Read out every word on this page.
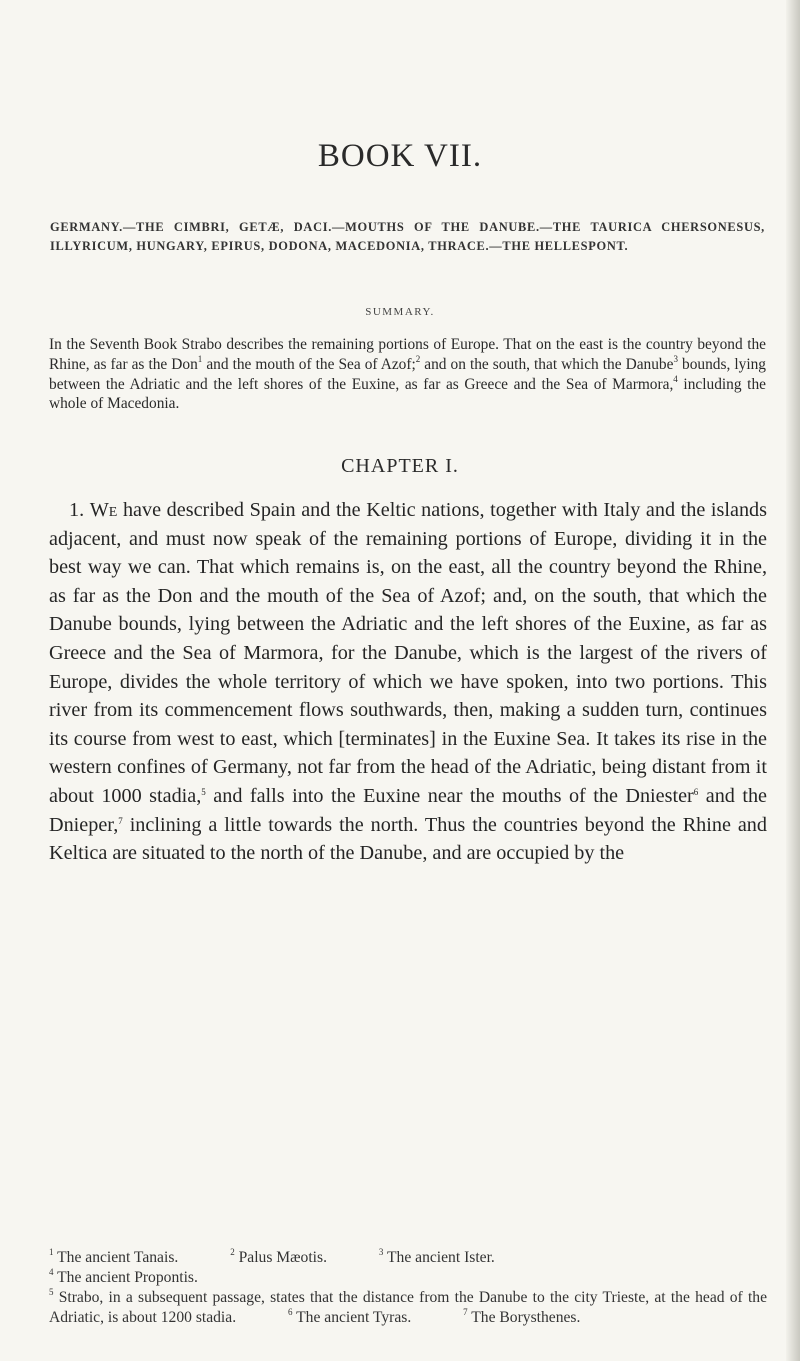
BOOK VII.

GERMANY.—THE CIMBRI, GETÆ, DACI.—MOUTHS OF THE DANUBE.—THE TAURICA CHERSONESUS, ILLYRICUM, HUNGARY, EPIRUS, DODONA, MACEDONIA, THRACE.—THE HELLESPONT.

SUMMARY.

In the Seventh Book Strabo describes the remaining portions of Europe. That on the east is the country beyond the Rhine, as far as the Don$^1$ and the mouth of the Sea of Azof;$^2$ and on the south, that which the Danube$^3$ bounds, lying between the Adriatic and the left shores of the Euxine, as far as Greece and the Sea of Marmora,$^4$ including the whole of Macedonia.

CHAPTER I.

1. We have described Spain and the Keltic nations, together with Italy and the islands adjacent, and must now speak of the remaining portions of Europe, dividing it in the best way we can. That which remains is, on the east, all the country beyond the Rhine, as far as the Don and the mouth of the Sea of Azof; and, on the south, that which the Danube bounds, lying between the Adriatic and the left shores of the Euxine, as far as Greece and the Sea of Marmora, for the Danube, which is the largest of the rivers of Europe, divides the whole territory of which we have spoken, into two portions. This river from its commencement flows southwards, then, making a sudden turn, continues its course from west to east, which [terminates] in the Euxine Sea. It takes its rise in the western confines of Germany, not far from the head of the Adriatic, being distant from it about 1000 stadia,$^5$ and falls into the Euxine near the mouths of the Dniester$^6$ and the Dnieper,$^7$ inclining a little towards the north. Thus the countries beyond the Rhine and Keltica are situated to the north of the Danube, and are occupied by the

$^1$ The ancient Tanais.	$^2$ Palus Mæotis.	$^3$ The ancient Ister.
$^4$ The ancient Propontis.
$^5$ Strabo, in a subsequent passage, states that the distance from the Danube to the city Trieste, at the head of the Adriatic, is about 1200 stadia.	$^6$ The ancient Tyras.	$^7$ The Borysthenes.
